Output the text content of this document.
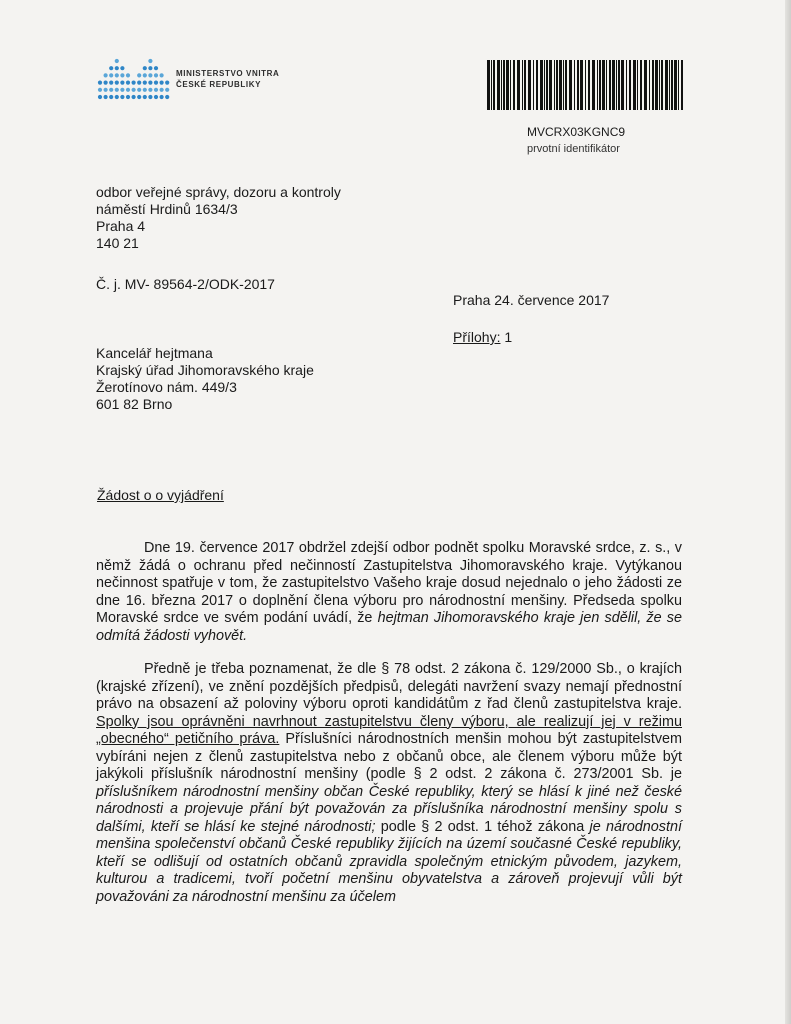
MINISTERSTVO VNITRA
ČESKÉ REPUBLIKY
MVCRX03KGNC9
prvotní identifikátor
odbor veřejné správy, dozoru a kontroly
náměstí Hrdinů 1634/3
Praha 4
140 21
Č. j. MV- 89564-2/ODK-2017
Praha 24. července 2017
Přílohy: 1
Kancelář hejtmana
Krajský úřad Jihomoravského kraje
Žerotínovo nám. 449/3
601 82 Brno
Žádost o o vyjádření
Dne 19. července 2017 obdržel zdejší odbor podnět spolku Moravské srdce, z. s., v němž žádá o ochranu před nečinností Zastupitelstva Jihomoravského kraje. Vytýkanou nečinnost spatřuje v tom, že zastupitelstvo Vašeho kraje dosud nejednalo o jeho žádosti ze dne 16. března 2017 o doplnění člena výboru pro národnostní menšiny. Předseda spolku Moravské srdce ve svém podání uvádí, že hejtman Jihomoravského kraje jen sdělil, že se odmítá žádosti vyhovět.
Předně je třeba poznamenat, že dle § 78 odst. 2 zákona č. 129/2000 Sb., o krajích (krajské zřízení), ve znění pozdějších předpisů, delegáti navržení svazy nemají přednostní právo na obsazení až poloviny výboru oproti kandidátům z řad členů zastupitelstva kraje. Spolky jsou oprávněni navrhnout zastupitelstvu členy výboru, ale realizují jej v režimu „obecného“ petičního práva. Příslušníci národnostních menšin mohou být zastupitelstvem vybíráni nejen z členů zastupitelstva nebo z občanů obce, ale členem výboru může být jakýkoli příslušník národnostní menšiny (podle § 2 odst. 2 zákona č. 273/2001 Sb. je příslušníkem národnostní menšiny občan České republiky, který se hlásí k jiné než české národnosti a projevuje přání být považován za příslušníka národnostní menšiny spolu s dalšími, kteří se hlásí ke stejné národnosti; podle § 2 odst. 1 téhož zákona je národnostní menšina společenství občanů České republiky žijících na území současné České republiky, kteří se odlišují od ostatních občanů zpravidla společným etnickým původem, jazykem, kulturou a tradicemi, tvoří početní menšinu obyvatelstva a zároveň projevují vůli být považováni za národnostní menšinu za účelem
